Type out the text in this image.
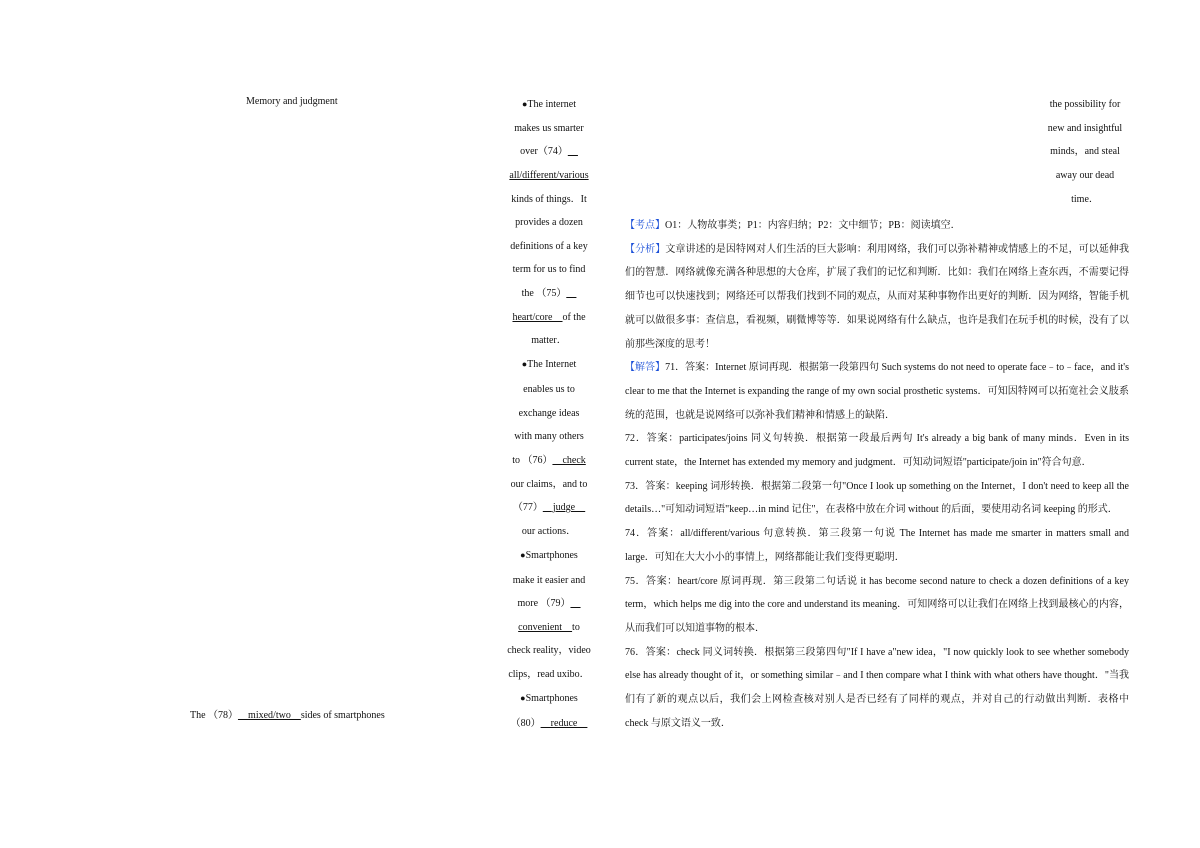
Memory and judgment
The （78）__mixed/two__sides of smartphones
●The internet
makes us smarter
over（74）__
all/different/various
kinds of things．It
provides a dozen
definitions of a key
term for us to find
the （75）__
heart/core__of the
matter．
●The Internet
enables us to
exchange ideas
with many others
to （76）__check
our claims，and to
（77）__judge__
our actions．
●Smartphones
make it easier and
more （79）__
convenient__to
check reality，video
clips，read uxibo．
●Smartphones
（80）__reduce__
the possibility for
new and insightful
minds，and steal
away our dead
time．

【考点】O1：人物故事类；P1：内容归纳；P2：文中细节；PB：阅读填空．

【分析】文章讲述的是因特网对人们生活的巨大影响：利用网络，我们可以弥补精神或情感上的不足，可以延伸我们的智慧．网络就像充满各种思想的大仓库，扩展了我们的记忆和判断．比如：我们在网络上查东西，不需要记得细节也可以快速找到；网络还可以帮我们找到不同的观点，从而对某种事物作出更好的判断．因为网络，智能手机就可以做很多事：查信息，看视频，刷微博等等．如果说网络有什么缺点，也许是我们在玩手机的时候，没有了以前那些深度的思考！

【解答】71．答案：Internet 原词再现．根据第一段第四句 Such systems do not need to operate face﹣to﹣face，and it's clear to me that the Internet is expanding the range of my own social prosthetic systems．可知因特网可以拓宽社会义肢系统的范围，也就是说网络可以弥补我们精神和情感上的缺陷．

72．答案：participates/joins 同义句转换．根据第一段最后两句 It's already a big bank of many minds．Even in its current state，the Internet has extended my memory and judgment．可知动词短语"participate/join in"符合句意．

73．答案：keeping 词形转换．根据第二段第一句"Once I look up something on the Internet，I don't need to keep all the details…"可知动词短语"keep…in mind 记住"，在表格中放在介词 without 的后面，要使用动名词 keeping 的形式．

74．答案：all/different/various 句意转换．第三段第一句说 The Internet has made me smarter in matters small and large．可知在大大小小的事情上，网络都能让我们变得更聪明．

75．答案：heart/core 原词再现．第三段第二句话说 it has become second nature to check a dozen definitions of a key term，which helps me dig into the core and understand its meaning．可知网络可以让我们在网络上找到最核心的内容，从而我们可以知道事物的根本．

76．答案：check 同义词转换．根据第三段第四句"If I have a"new idea，"I now quickly look to see whether somebody else has already thought of it，or something similar﹣and I then compare what I think with what others have thought．"当我们有了新的观点以后，我们会上网检查核对别人是否已经有了同样的观点，并对自己的行动做出判断．表格中 check 与原文语义一致．
